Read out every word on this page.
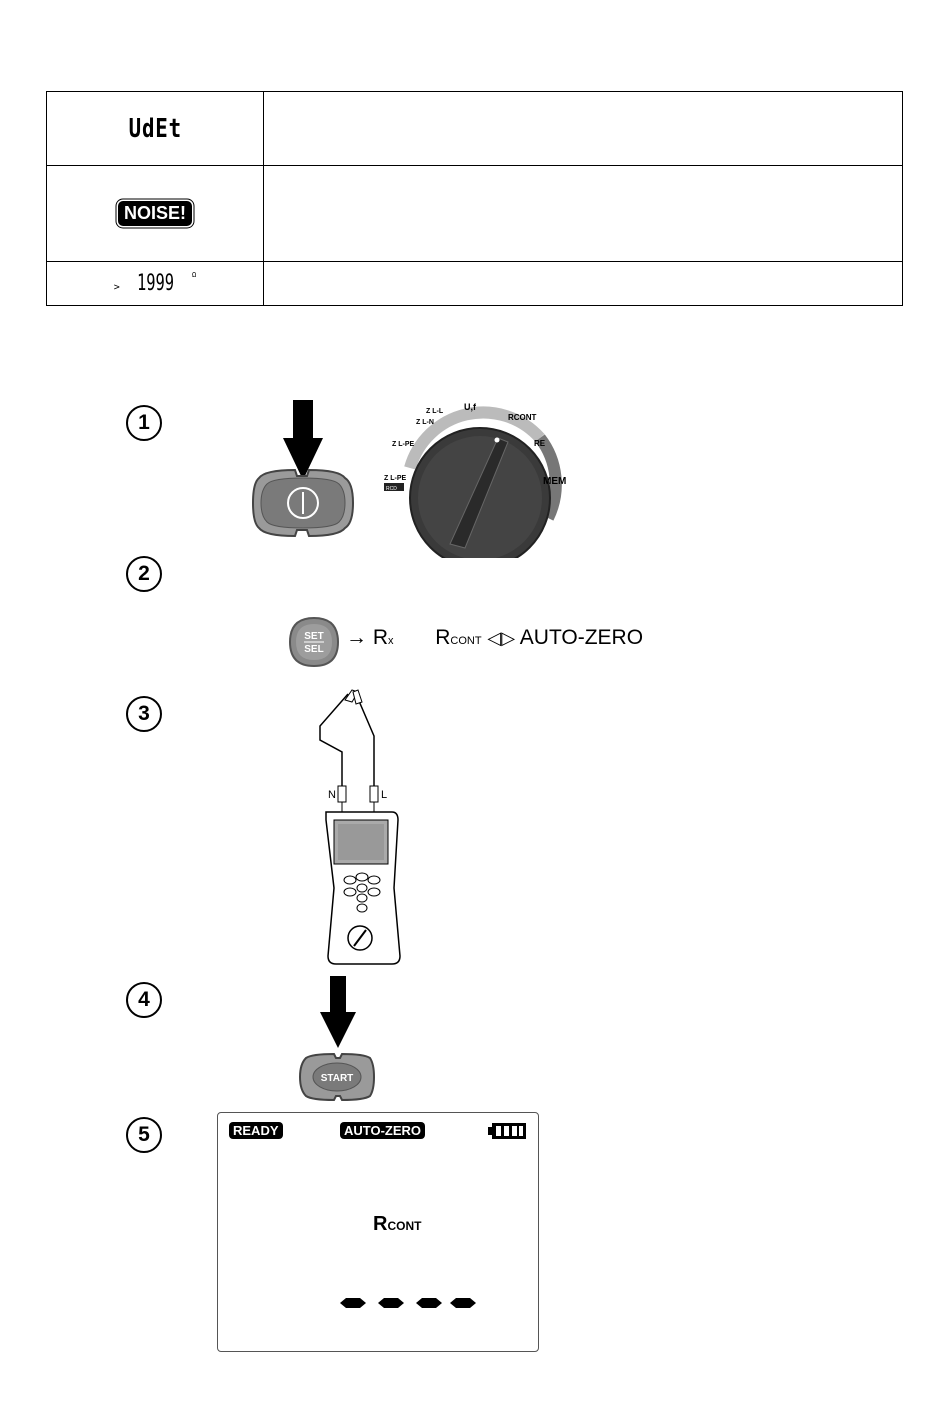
UdEt	
NOISE!	
> 1999 $^\Omega$	
1
2
3
4
5
Z L-PE
RCD
Z L-PE
Z L-N
Z L-L U,f
RCONT
RE
MEM
SET
SEL
→ Rx RCONT ◁▷ AUTO-ZERO
N	L
START
READY	AUTO-ZERO
RCONT
